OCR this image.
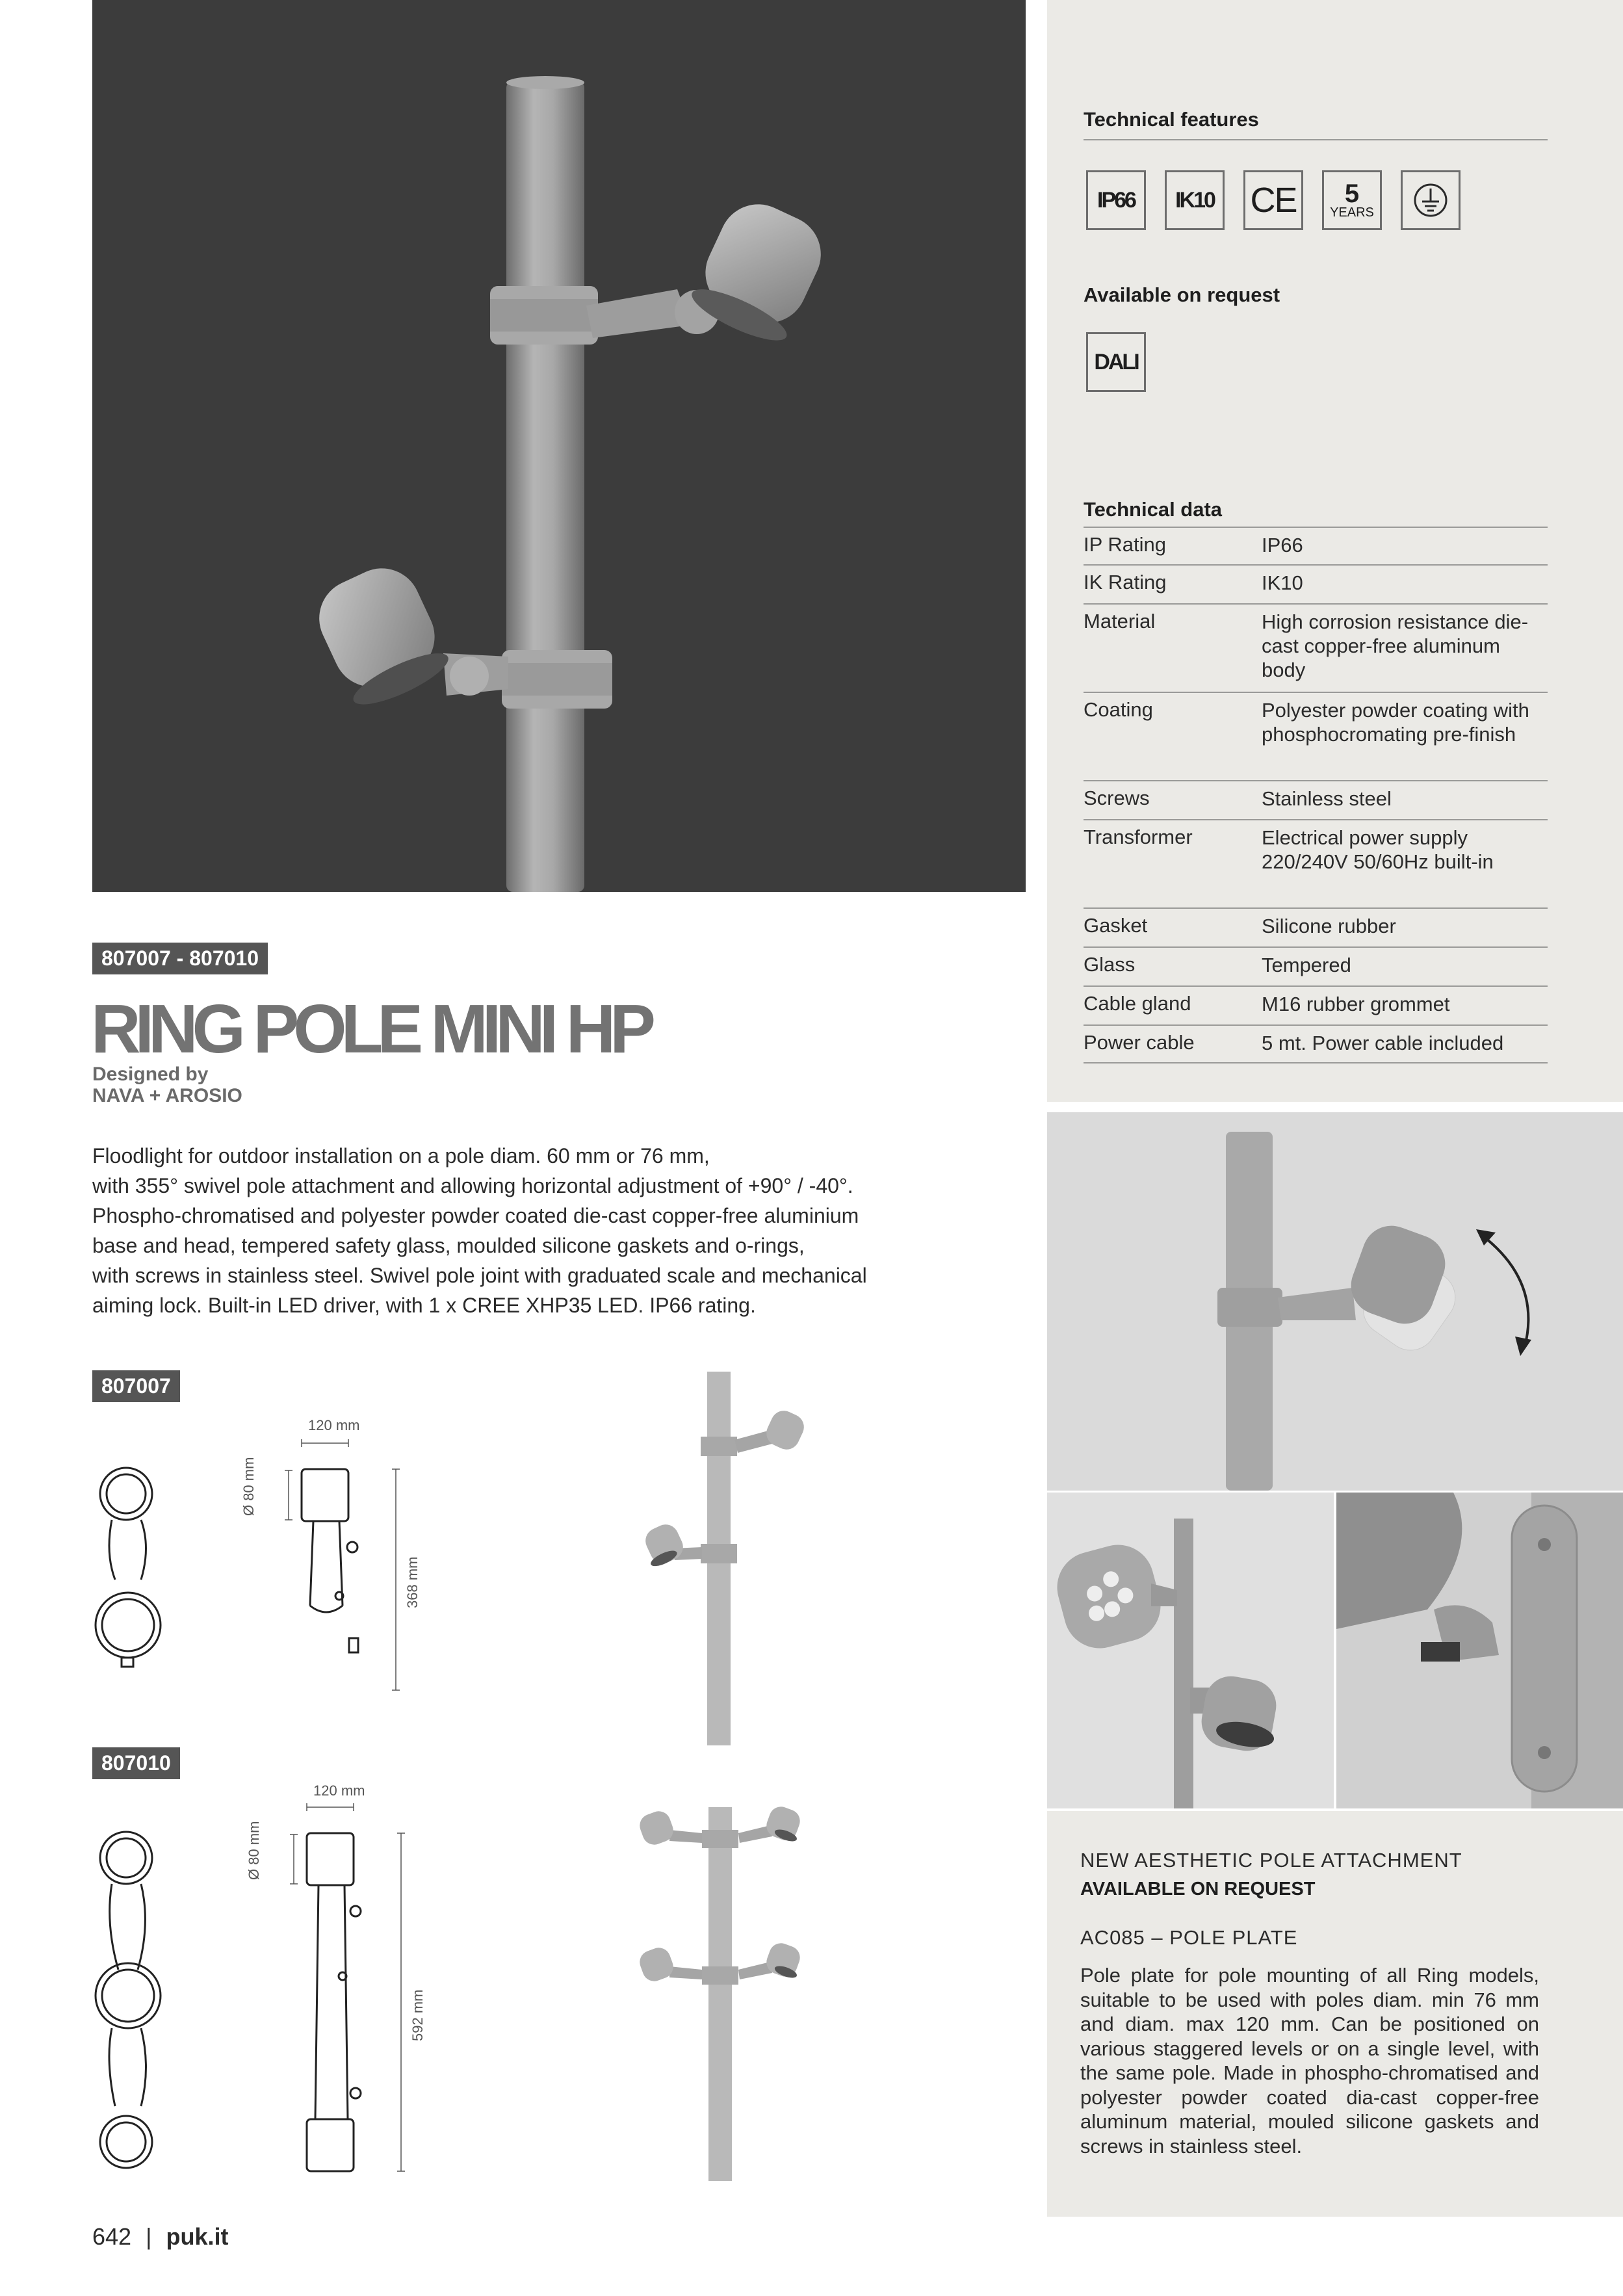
Technical features
IP66	IK10 CE 5
YEARS
Available on request
DALI
Technical data
IP Rating	IP66
IK Rating	IK10
Material	High corrosion resistance die-cast copper-free aluminum body
Coating	Polyester powder coating with phosphocromating pre-finish
Screws	Stainless steel
Transformer	Electrical power supply 220/240V 50/60Hz built-in
Gasket	Silicone rubber
Glass	Tempered
Cable gland	M16 rubber grommet
Power cable	5 mt. Power cable included
807007 - 807010
RING POLE MINI HP
Designed by
NAVA + AROSIO
Floodlight for outdoor installation on a pole diam. 60 mm or 76 mm,
with 355° swivel pole attachment and allowing horizontal adjustment of +90° / -40°.
Phospho-chromatised and polyester powder coated die-cast copper-free aluminium
base and head, tempered safety glass, moulded silicone gaskets and o-rings,
with screws in stainless steel. Swivel pole joint with graduated scale and mechanical
aiming lock. Built-in LED driver, with 1 x CREE XHP35 LED. IP66 rating.
807007
120 mm
Ø 80 mm
368 mm
807010
120 mm
Ø 80 mm
592 mm
NEW AESTHETIC POLE ATTACHMENT
AVAILABLE ON REQUEST
AC085 – POLE PLATE
Pole plate for pole mounting of all Ring models, suitable to be used with poles diam. min 76 mm and diam. max 120 mm. Can be positioned on various staggered levels or on a single level, with the same pole. Made in phospho-chromatised and polyester powder coated dia-cast copper-free aluminum material, mouled silicone gaskets and screws in stainless steel.
642 | puk.it
